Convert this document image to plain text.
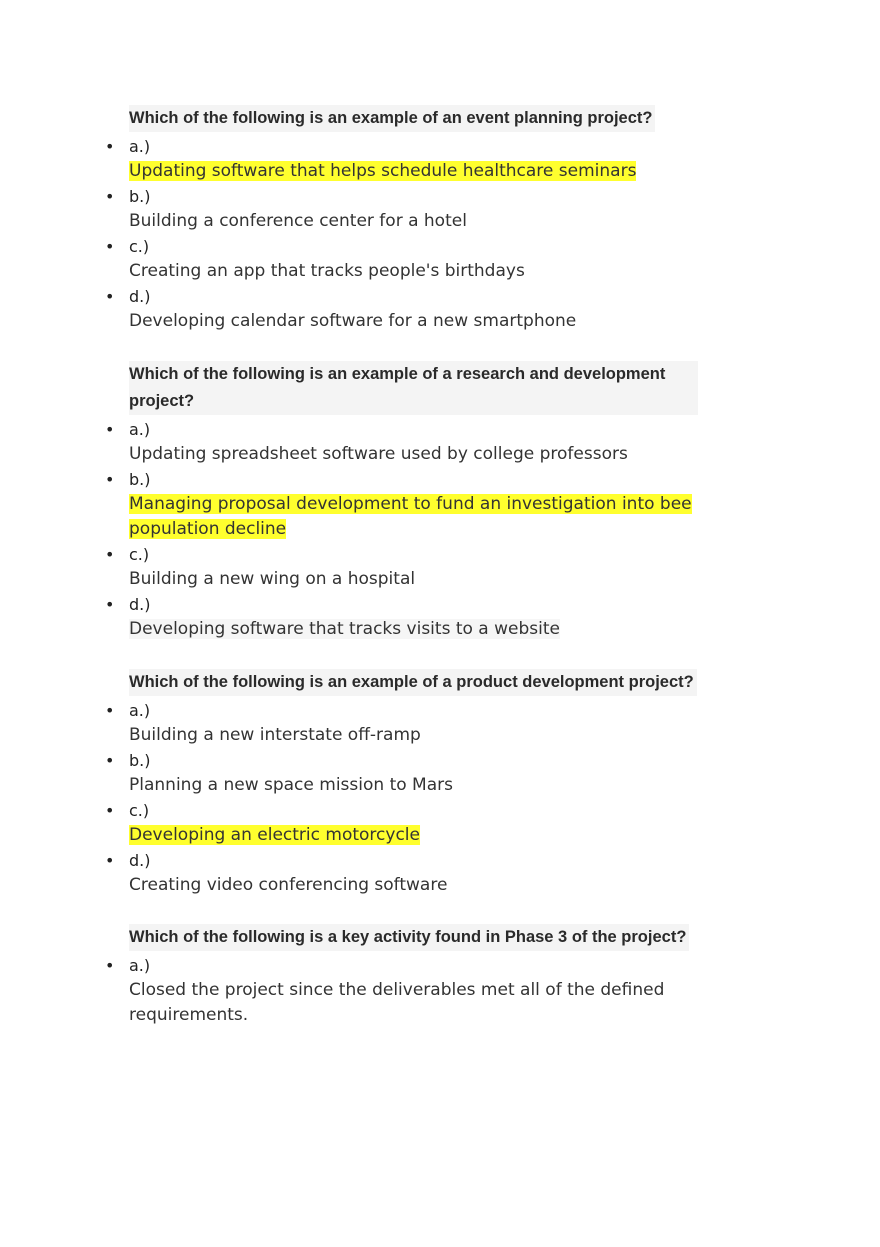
Which of the following is an example of an event planning project?
• a.)
Updating software that helps schedule healthcare seminars
• b.)
Building a conference center for a hotel
• c.)
Creating an app that tracks people's birthdays
• d.)
Developing calendar software for a new smartphone
Which of the following is an example of a research and development project?
• a.)
Updating spreadsheet software used by college professors
• b.)
Managing proposal development to fund an investigation into bee population decline
• c.)
Building a new wing on a hospital
• d.)
Developing software that tracks visits to a website
Which of the following is an example of a product development project?
• a.)
Building a new interstate off-ramp
• b.)
Planning a new space mission to Mars
• c.)
Developing an electric motorcycle
• d.)
Creating video conferencing software
Which of the following is a key activity found in Phase 3 of the project?
• a.)
Closed the project since the deliverables met all of the defined requirements.
